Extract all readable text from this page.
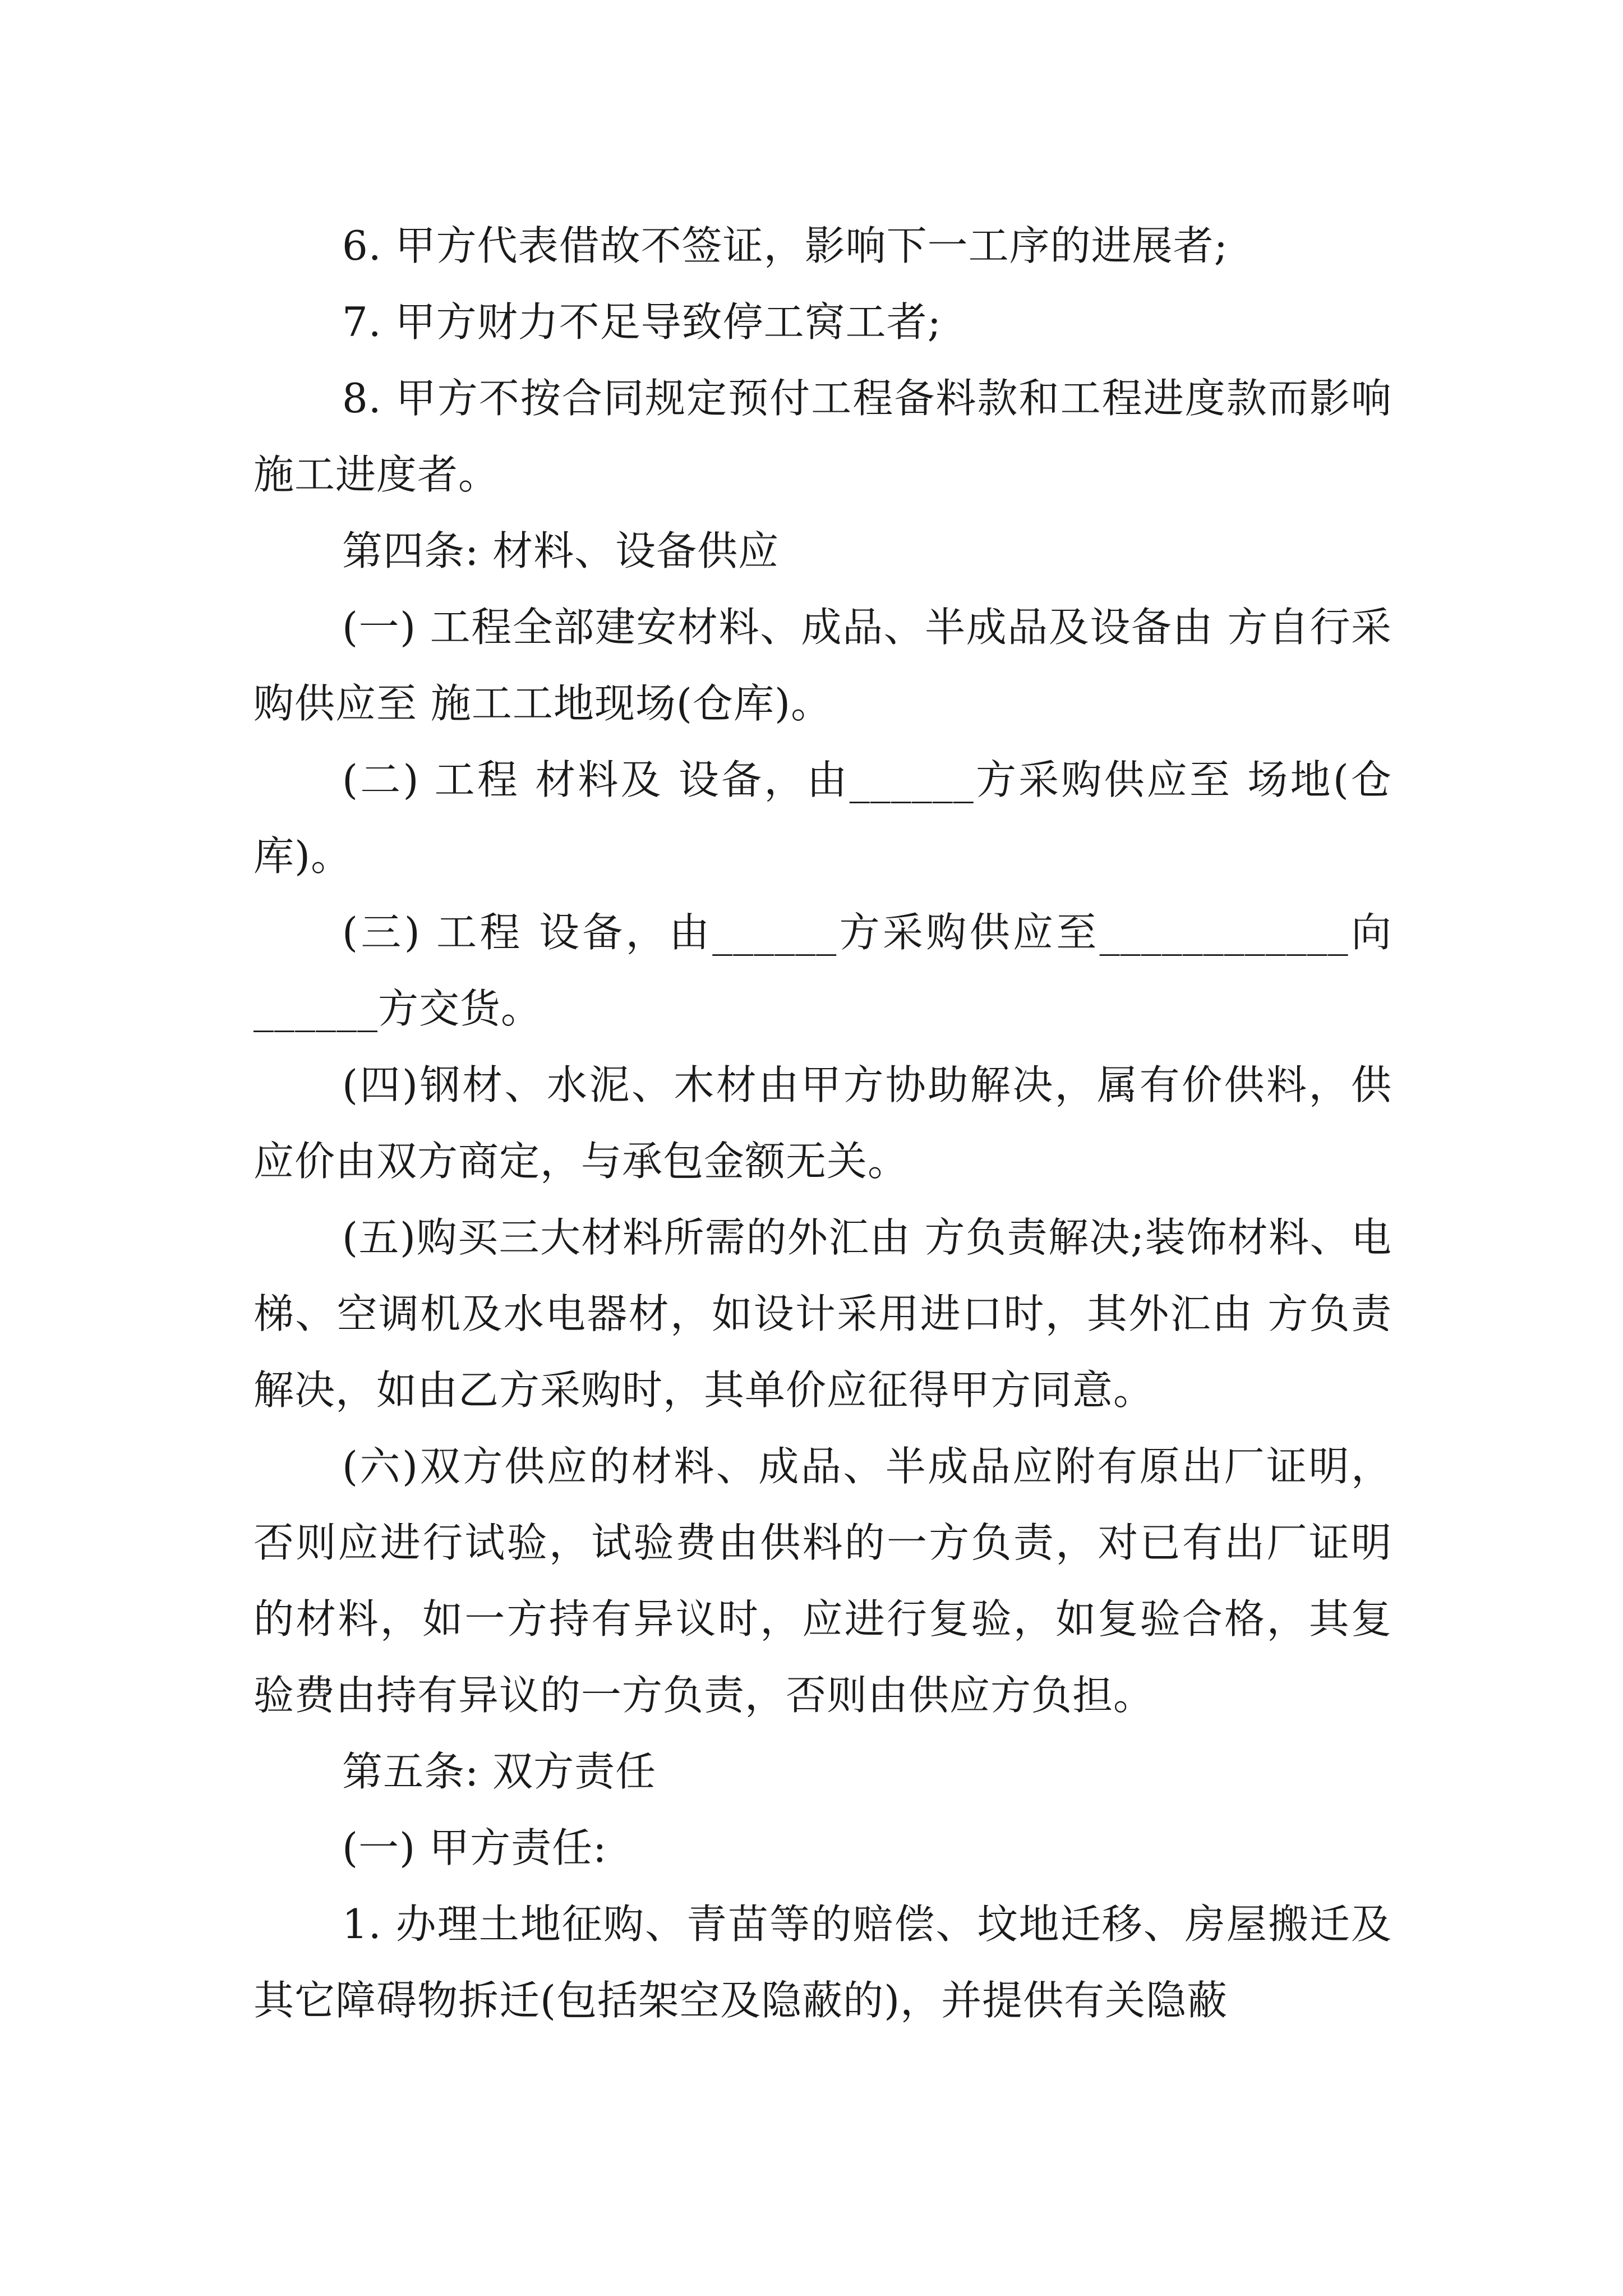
6. 甲方代表借故不签证，影响下一工序的进展者;

7. 甲方财力不足导致停工窝工者;

8. 甲方不按合同规定预付工程备料款和工程进度款而影响施工进度者。

第四条: 材料、设备供应

(一) 工程全部建安材料、成品、半成品及设备由 方自行采购供应至 施工工地现场(仓库)。

(二) 工程 材料及 设备，由______方采购供应至 场地(仓库)。

(三) 工程 设备，由______方采购供应至____________向______方交货。

(四)钢材、水泥、木材由甲方协助解决，属有价供料，供应价由双方商定，与承包金额无关。

(五)购买三大材料所需的外汇由 方负责解决;装饰材料、电梯、空调机及水电器材，如设计采用进口时，其外汇由 方负责解决，如由乙方采购时，其单价应征得甲方同意。

(六)双方供应的材料、成品、半成品应附有原出厂证明，否则应进行试验，试验费由供料的一方负责，对已有出厂证明的材料，如一方持有异议时，应进行复验，如复验合格，其复验费由持有异议的一方负责，否则由供应方负担。

第五条: 双方责任

(一) 甲方责任:

1. 办理土地征购、青苗等的赔偿、坟地迁移、房屋搬迁及其它障碍物拆迁(包括架空及隐蔽的)，并提供有关隐蔽
